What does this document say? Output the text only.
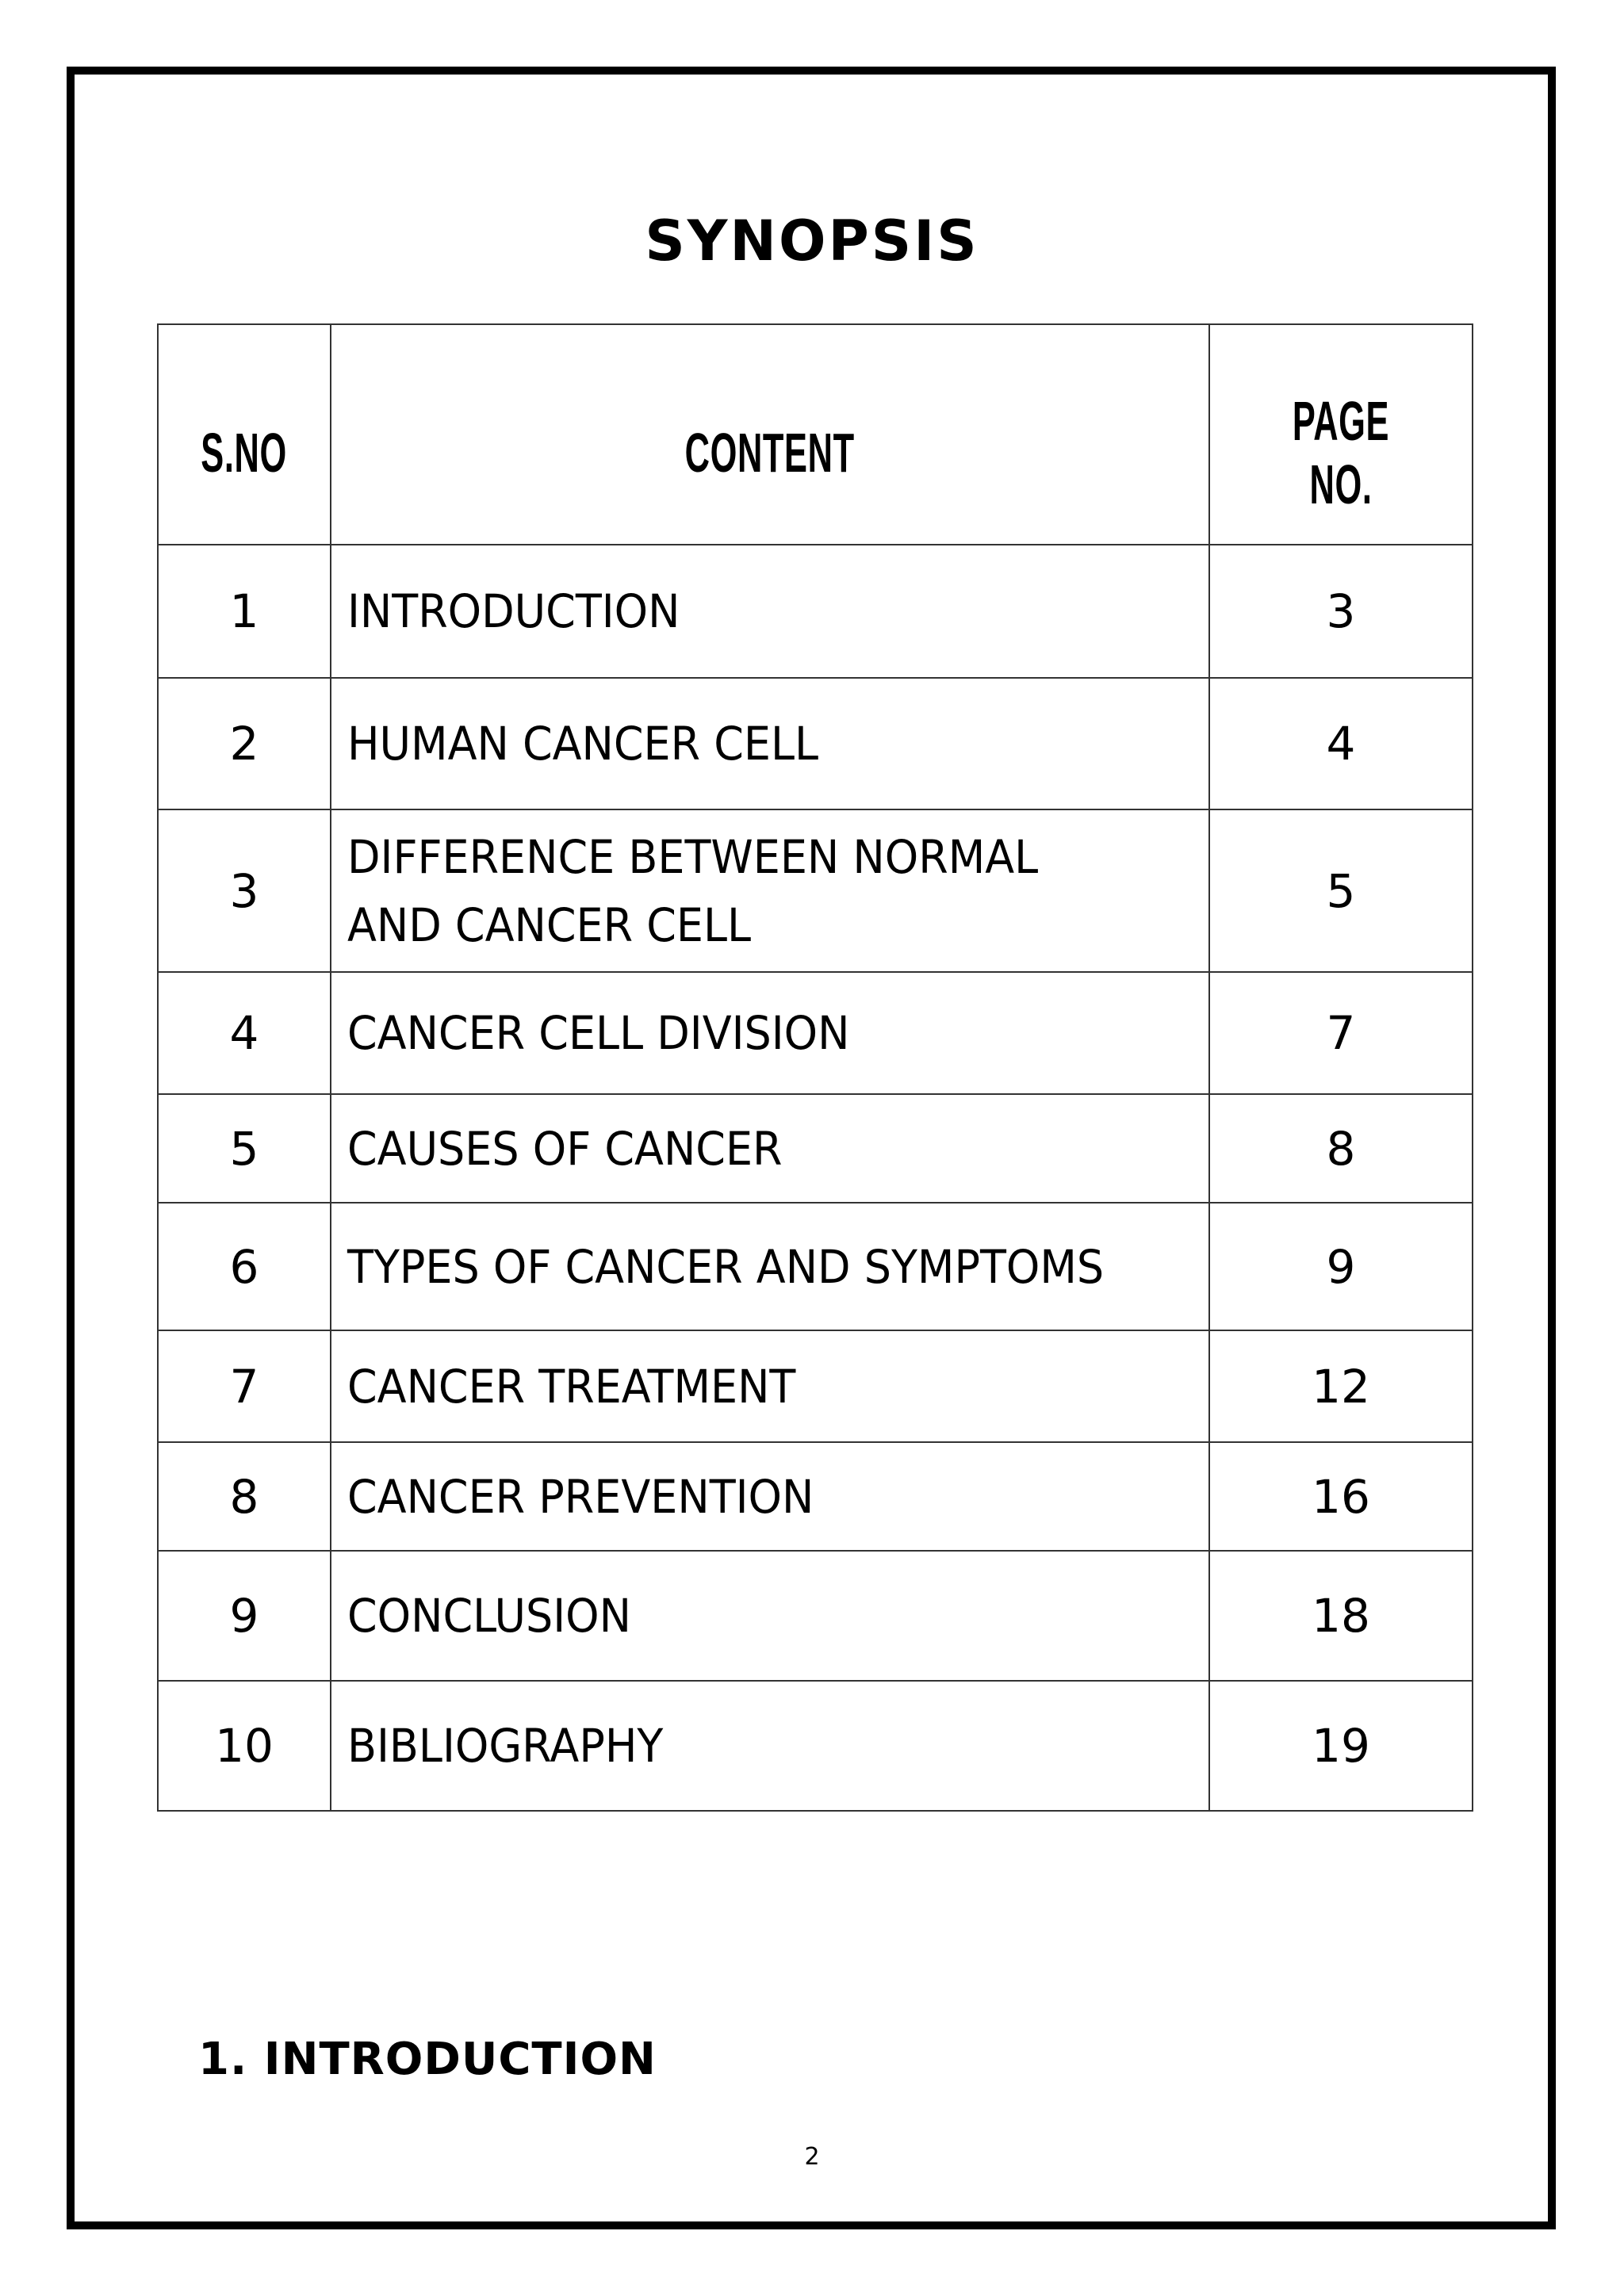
SYNOPSIS
S.NO	CONTENT	PAGE NO.
1	INTRODUCTION	3
2	HUMAN CANCER CELL	4
3	DIFFERENCE BETWEEN NORMAL
AND CANCER CELL	5
4	CANCER CELL DIVISION	7
5	CAUSES OF CANCER	8
6	TYPES OF CANCER AND SYMPTOMS	9
7	CANCER TREATMENT	12
8	CANCER PREVENTION	16
9	CONCLUSION	18
10	BIBLIOGRAPHY	19
1. INTRODUCTION
2
